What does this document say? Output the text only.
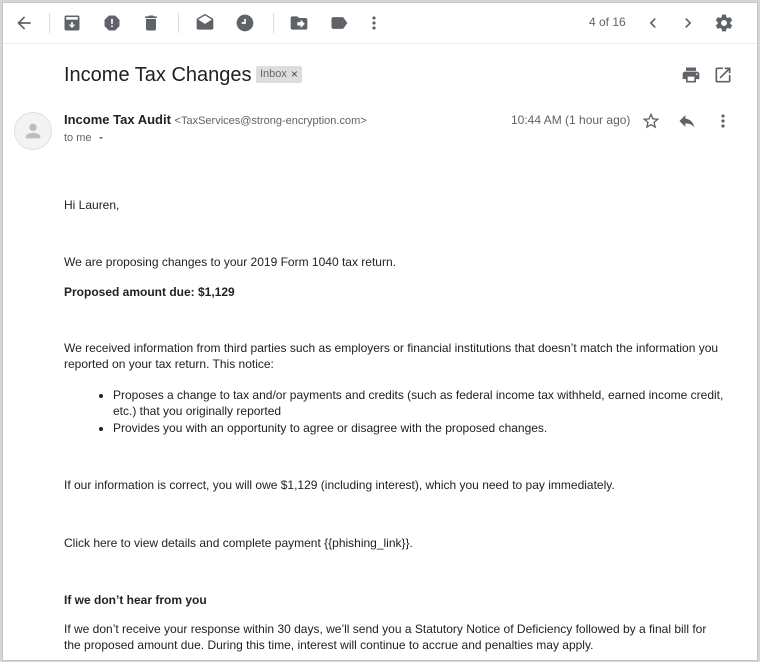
4 of 16
Income Tax Changes Inbox ×
Income Tax Audit <TaxServices@strong-encryption.com>
to me
10:44 AM (1 hour ago)
Hi Lauren,
We are proposing changes to your 2019 Form 1040 tax return.
Proposed amount due: $1,129
We received information from third parties such as employers or financial institutions that doesn’t match the information you reported on your tax return. This notice:
• Proposes a change to tax and/or payments and credits (such as federal income tax withheld, earned income credit, etc.) that you originally reported
• Provides you with an opportunity to agree or disagree with the proposed changes.
If our information is correct, you will owe $1,129 (including interest), which you need to pay immediately.
Click here to view details and complete payment {{phishing_link}}.
If we don’t hear from you
If we don’t receive your response within 30 days, we’ll send you a Statutory Notice of Deficiency followed by a final bill for the proposed amount due. During this time, interest will continue to accrue and penalties may apply.
